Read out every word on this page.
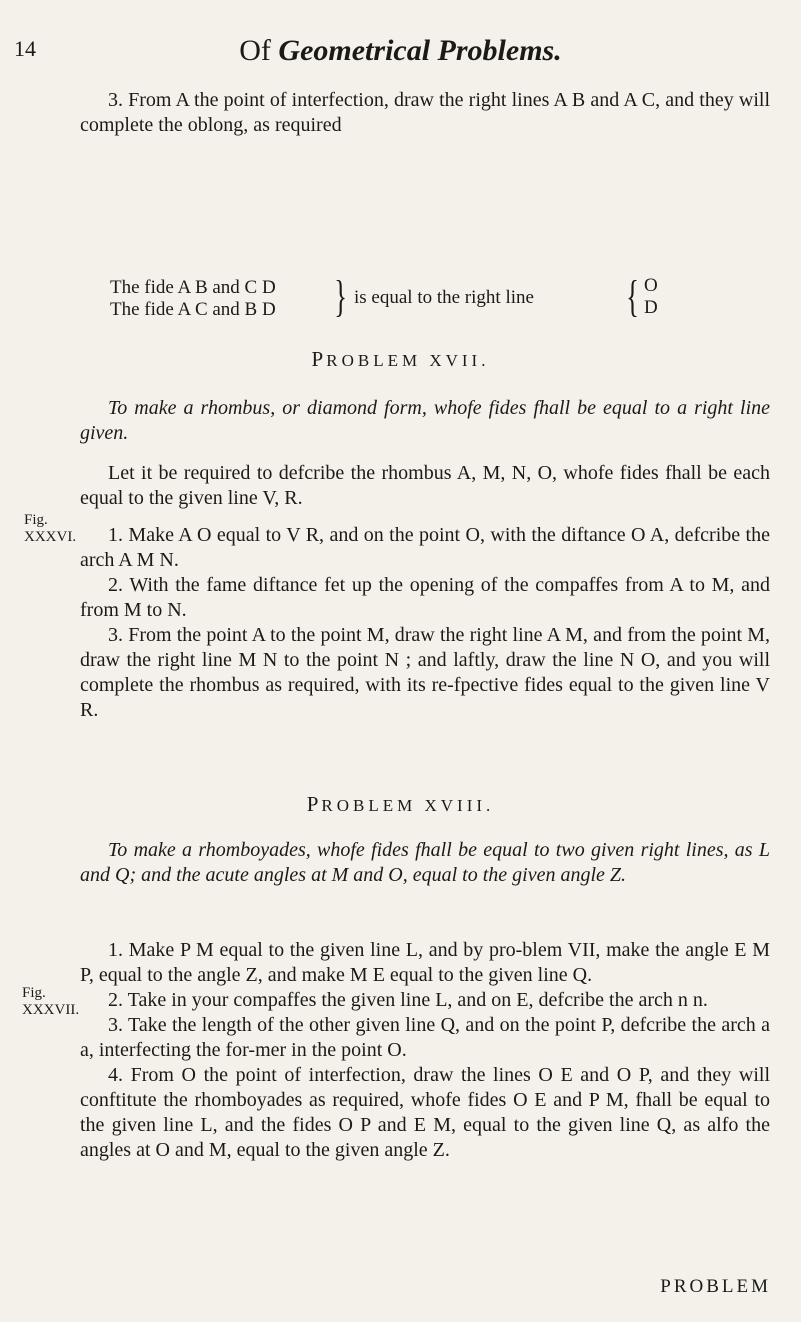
14	Of Geometrical Problems.

3. From A the point of interfection, draw the right lines A B and A C, and they will complete the oblong, as required

The fide A B and C D
The fide A C and B D } is equal to the right line { O
D
PROBLEM XVII.

To make a rhombus, or diamond form, whofe fides fhall be equal to a right line given.

Let it be required to defcribe the rhombus A, M, N, O, whofe fides fhall be each equal to the given line V, R.

Fig.
XXXVI.	1. Make A O equal to V R, and on the point O, with the diftance O A, defcribe the arch A M N.

2. With the fame diftance fet up the opening of the compaffes from A to M, and from M to N.

3. From the point A to the point M, draw the right line A M, and from the point M, draw the right line M N to the point N ; and laftly, draw the line N O, and you will complete the rhombus as required, with its re-fpective fides equal to the given line V R.

PROBLEM XVIII.

To make a rhomboyades, whofe fides fhall be equal to two given right lines, as L and Q; and the acute angles at M and O, equal to the given angle Z.

Fig.
XXXVII.

1. Make P M equal to the given line L, and by pro-blem VII, make the angle E M P, equal to the angle Z, and make M E equal to the given line Q.

2. Take in your compaffes the given line L, and on E, defcribe the arch n n.

3. Take the length of the other given line Q, and on the point P, defcribe the arch a a, interfecting the for-mer in the point O.

4. From O the point of interfection, draw the lines O E and O P, and they will conftitute the rhomboyades as required, whofe fides O E and P M, fhall be equal to the given line L, and the fides O P and E M, equal to the given line Q, as alfo the angles at O and M, equal to the given angle Z.

PROBLEM
